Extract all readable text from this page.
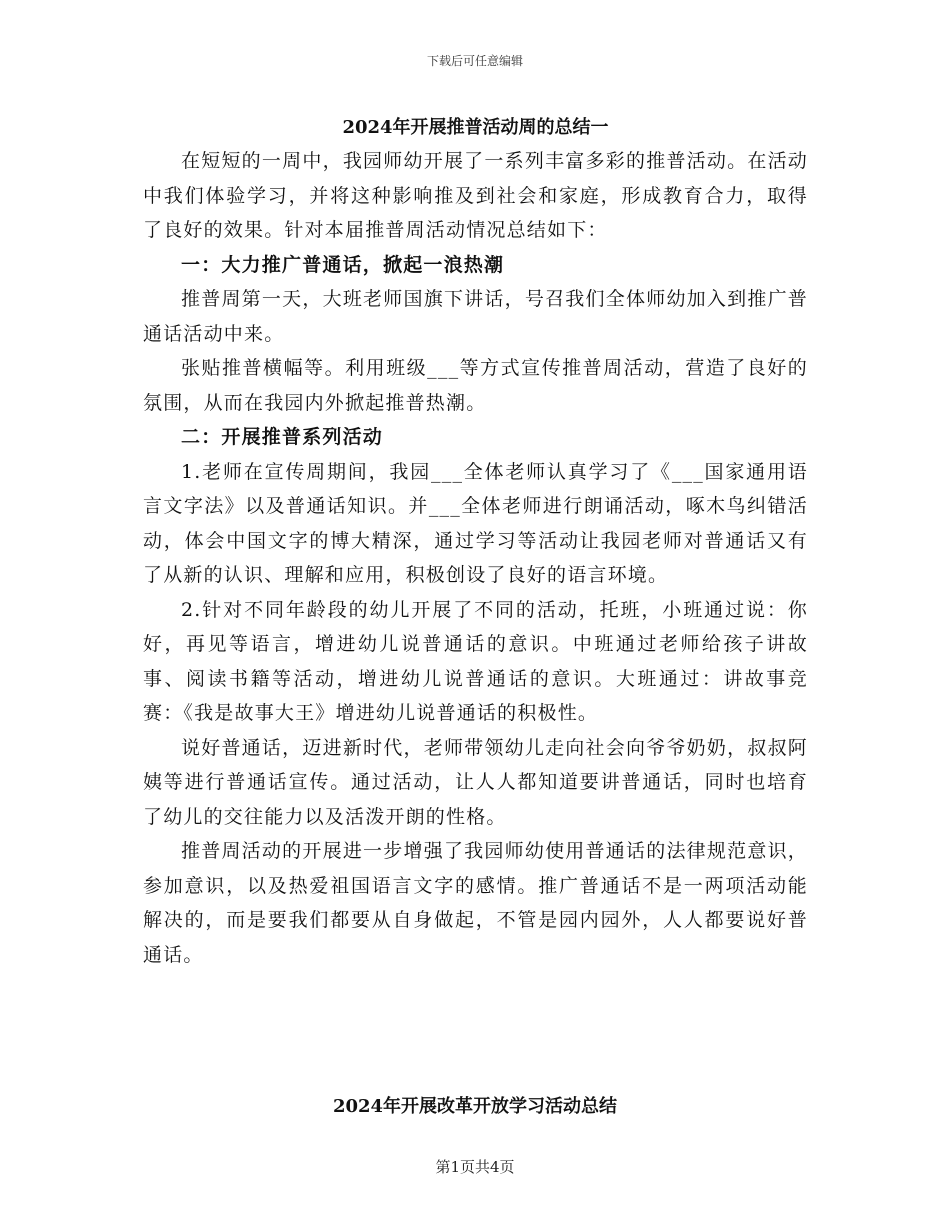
下载后可任意编辑
2024年开展推普活动周的总结一

在短短的一周中，我园师幼开展了一系列丰富多彩的推普活动。在活动中我们体验学习，并将这种影响推及到社会和家庭，形成教育合力，取得了良好的效果。针对本届推普周活动情况总结如下：

一：大力推广普通话，掀起一浪热潮

推普周第一天，大班老师国旗下讲话，号召我们全体师幼加入到推广普通话活动中来。

张贴推普横幅等。利用班级___等方式宣传推普周活动，营造了良好的氛围，从而在我园内外掀起推普热潮。

二：开展推普系列活动

1.老师在宣传周期间，我园___全体老师认真学习了《___国家通用语言文字法》以及普通话知识。并___全体老师进行朗诵活动，啄木鸟纠错活动，体会中国文字的博大精深，通过学习等活动让我园老师对普通话又有了从新的认识、理解和应用，积极创设了良好的语言环境。

2.针对不同年龄段的幼儿开展了不同的活动，托班，小班通过说：你好，再见等语言，增进幼儿说普通话的意识。中班通过老师给孩子讲故事、阅读书籍等活动，增进幼儿说普通话的意识。大班通过：讲故事竞赛：《我是故事大王》增进幼儿说普通话的积极性。

说好普通话，迈进新时代，老师带领幼儿走向社会向爷爷奶奶，叔叔阿姨等进行普通话宣传。通过活动，让人人都知道要讲普通话，同时也培育了幼儿的交往能力以及活泼开朗的性格。

推普周活动的开展进一步增强了我园师幼使用普通话的法律规范意识，参加意识，以及热爱祖国语言文字的感情。推广普通话不是一两项活动能解决的，而是要我们都要从自身做起，不管是园内园外，人人都要说好普通话。

2024年开展改革开放学习活动总结
第1页共4页
